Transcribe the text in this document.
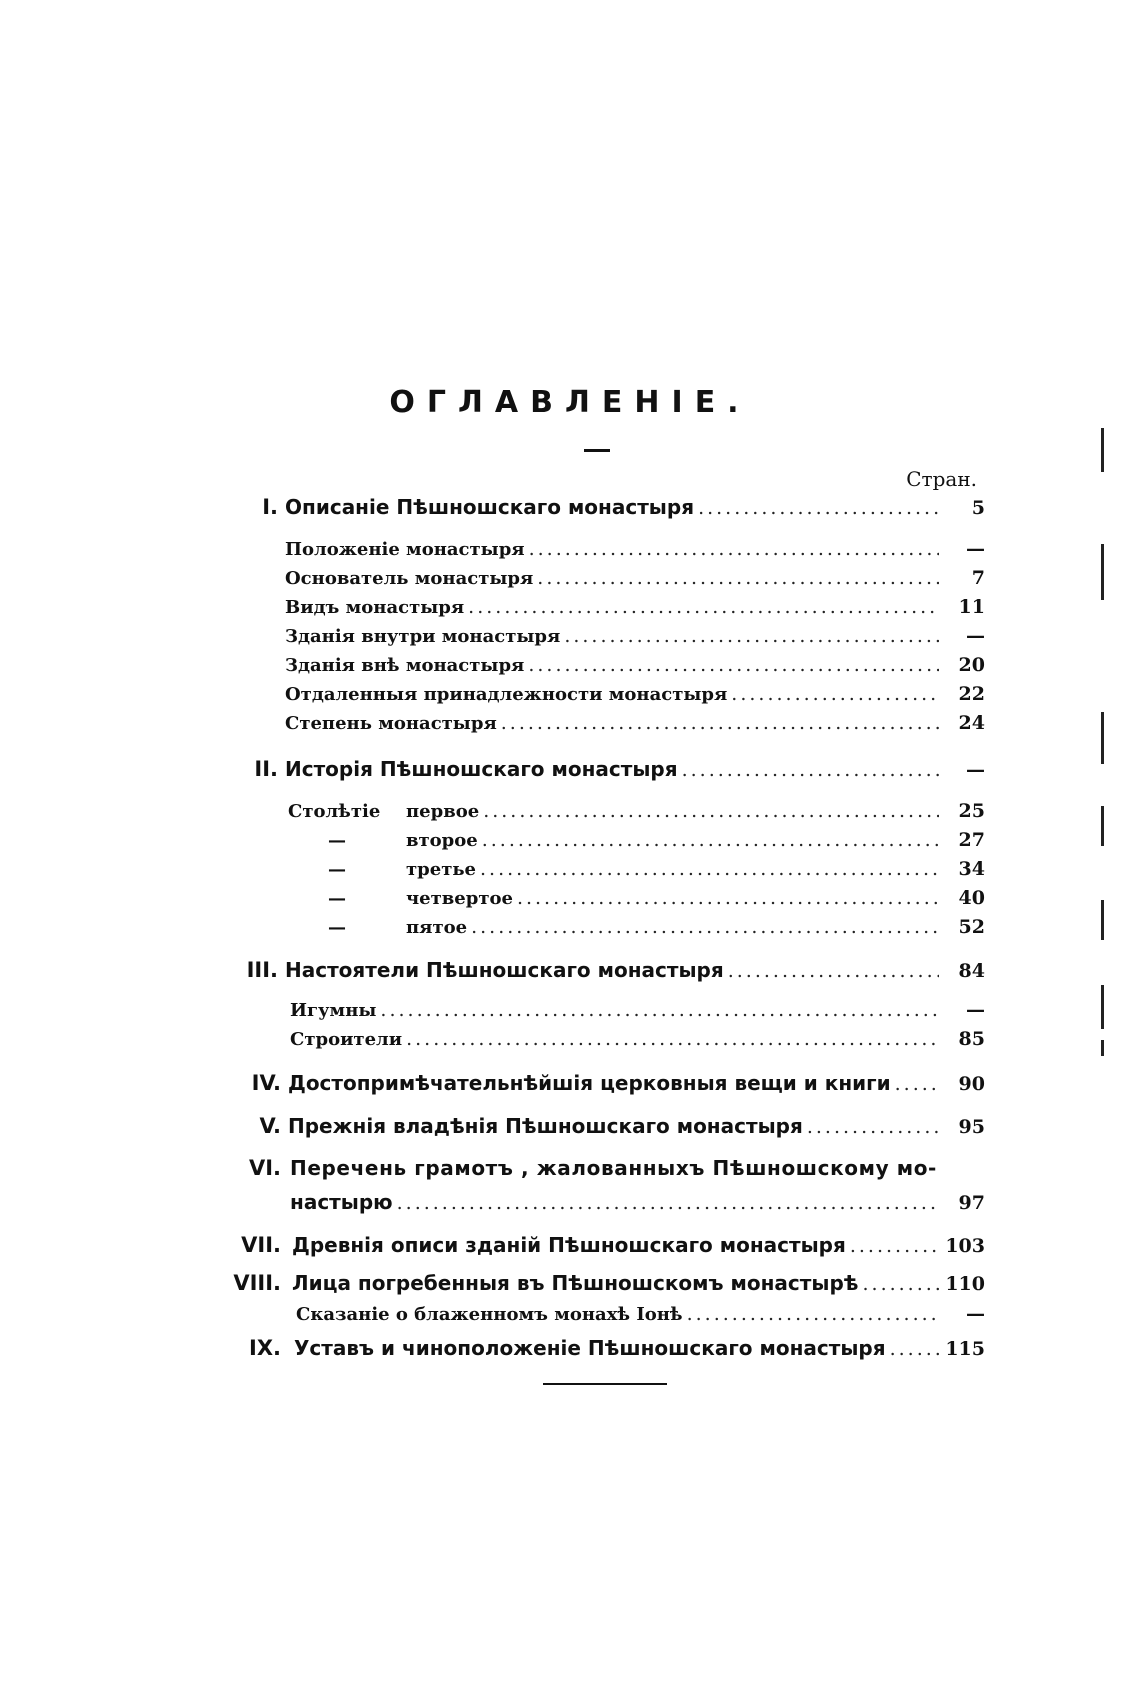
ОГЛАВЛЕНІЕ.
Стран.
I. Описаніе Пѣшношскаго монастыря .....	5
Положеніе монастыря .....	—
Основатель монастыря .....	7
Видъ монастыря .....	11
Зданія внутри монастыря .....	—
Зданія внѣ монастыря .....	20
Отдаленныя принадлежности монастыря .....	22
Степень монастыря .....	24
II. Исторія Пѣшношскаго монастыря .....	—
Столѣтіе	первое .....	25
—	второе .....	27
—	третье .....	34
—	четвертое .....	40
—	пятое .....	52
III. Настоятели Пѣшношскаго монастыря .....	84
Игумны .....	—
Строители .....	85
IV. Достопримѣчательнѣйшія церковныя вещи и книги .....	90
V. Прежнія владѣнія Пѣшношскаго монастыря .....	95
VI. Перечень грамотъ , жалованныхъ Пѣшношскому мо-
настырю .....	97
VII. Древнія описи зданій Пѣшношскаго монастыря .....	103
VIII. Лица погребенныя въ Пѣшношскомъ монастырѣ .....	110
Сказаніе о блаженномъ монахѣ Іонѣ .....	—
IX. Уставъ и чиноположеніе Пѣшношскаго монастыря .....	115
